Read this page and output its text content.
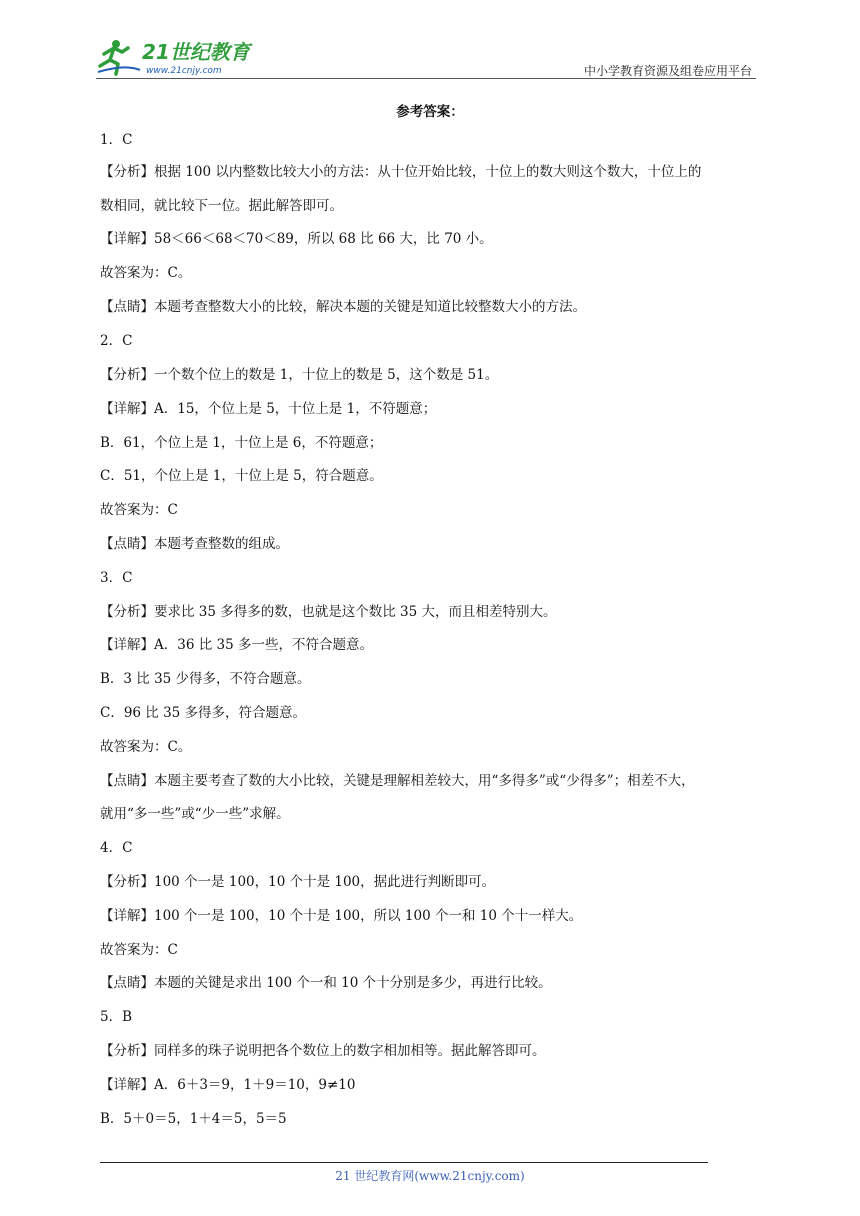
21世纪教育
www.21cnjy.com	中小学教育资源及组卷应用平台
参考答案：
1．C
【分析】根据 100 以内整数比较大小的方法：从十位开始比较，十位上的数大则这个数大，十位上的
数相同，就比较下一位。据此解答即可。
【详解】58＜66＜68＜70＜89，所以 68 比 66 大，比 70 小。
故答案为：C。
【点睛】本题考查整数大小的比较，解决本题的关键是知道比较整数大小的方法。
2．C
【分析】一个数个位上的数是 1，十位上的数是 5，这个数是 51。
【详解】A．15，个位上是 5，十位上是 1，不符题意；
B．61，个位上是 1，十位上是 6，不符题意；
C．51，个位上是 1，十位上是 5，符合题意。
故答案为：C
【点睛】本题考查整数的组成。
3．C
【分析】要求比 35 多得多的数，也就是这个数比 35 大，而且相差特别大。
【详解】A．36 比 35 多一些，不符合题意。
B．3 比 35 少得多，不符合题意。
C．96 比 35 多得多，符合题意。
故答案为：C。
【点睛】本题主要考查了数的大小比较，关键是理解相差较大，用“多得多”或“少得多”；相差不大，
就用“多一些”或“少一些”求解。
4．C
【分析】100 个一是 100，10 个十是 100，据此进行判断即可。
【详解】100 个一是 100，10 个十是 100，所以 100 个一和 10 个十一样大。
故答案为：C
【点睛】本题的关键是求出 100 个一和 10 个十分别是多少，再进行比较。
5．B
【分析】同样多的珠子说明把各个数位上的数字相加相等。据此解答即可。
【详解】A．6＋3＝9，1＋9＝10，9≠10
B．5＋0＝5，1＋4＝5，5＝5
21 世纪教育网(www.21cnjy.com)
